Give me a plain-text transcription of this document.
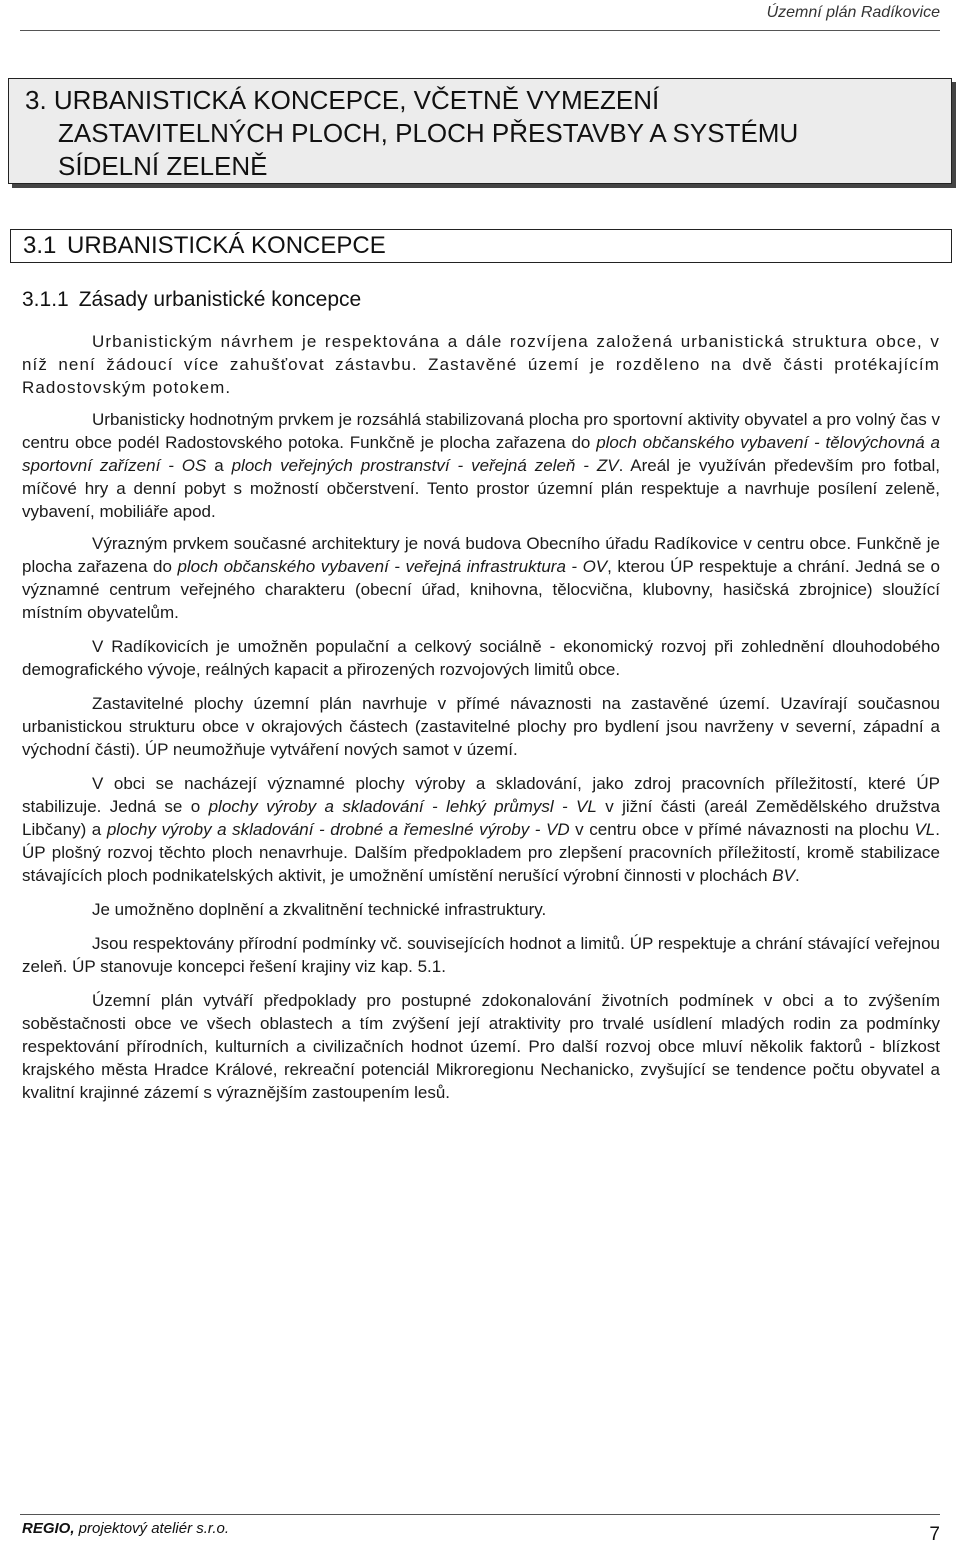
Územní plán Radíkovice
3. URBANISTICKÁ KONCEPCE, VČETNĚ VYMEZENÍ
ZASTAVITELNÝCH PLOCH, PLOCH PŘESTAVBY A SYSTÉMU
SÍDELNÍ ZELENĚ
3.1 URBANISTICKÁ KONCEPCE
3.1.1 Zásady urbanistické koncepce

Urbanistickým návrhem je respektována a dále rozvíjena založená urbanistická struktura obce, v níž není žádoucí více zahušťovat zástavbu. Zastavěné území je rozděleno na dvě části protékajícím Radostovským potokem.

Urbanisticky hodnotným prvkem je rozsáhlá stabilizovaná plocha pro sportovní aktivity obyvatel a pro volný čas v centru obce podél Radostovského potoka. Funkčně je plocha zařazena do ploch občanského vybavení - tělovýchovná a sportovní zařízení - OS a ploch veřejných prostranství - veřejná zeleň - ZV. Areál je využíván především pro fotbal, míčové hry a denní pobyt s možností občerstvení. Tento prostor územní plán respektuje a navrhuje posílení zeleně, vybavení, mobiliáře apod.

Výrazným prvkem současné architektury je nová budova Obecního úřadu Radíkovice v centru obce. Funkčně je plocha zařazena do ploch občanského vybavení - veřejná infrastruktura - OV, kterou ÚP respektuje a chrání. Jedná se o významné centrum veřejného charakteru (obecní úřad, knihovna, tělocvična, klubovny, hasičská zbrojnice) sloužící místním obyvatelům.

V Radíkovicích je umožněn populační a celkový sociálně - ekonomický rozvoj při zohlednění dlouhodobého demografického vývoje, reálných kapacit a přirozených rozvojových limitů obce.

Zastavitelné plochy územní plán navrhuje v přímé návaznosti na zastavěné území. Uzavírají současnou urbanistickou strukturu obce v okrajových částech (zastavitelné plochy pro bydlení jsou navrženy v severní, západní a východní části). ÚP neumožňuje vytváření nových samot v území.

V obci se nacházejí významné plochy výroby a skladování, jako zdroj pracovních příležitostí, které ÚP stabilizuje. Jedná se o plochy výroby a skladování - lehký průmysl - VL v jižní části (areál Zemědělského družstva Libčany) a plochy výroby a skladování - drobné a řemeslné výroby - VD v centru obce v přímé návaznosti na plochu VL. ÚP plošný rozvoj těchto ploch nenavrhuje. Dalším předpokladem pro zlepšení pracovních příležitostí, kromě stabilizace stávajících ploch podnikatelských aktivit, je umožnění umístění nerušící výrobní činnosti v plochách BV.

Je umožněno doplnění a zkvalitnění technické infrastruktury.

Jsou respektovány přírodní podmínky vč. souvisejících hodnot a limitů. ÚP respektuje a chrání stávající veřejnou zeleň. ÚP stanovuje koncepci řešení krajiny viz kap. 5.1.

Územní plán vytváří předpoklady pro postupné zdokonalování životních podmínek v obci a to zvýšením soběstačnosti obce ve všech oblastech a tím zvýšení její atraktivity pro trvalé usídlení mladých rodin za podmínky respektování přírodních, kulturních a civilizačních hodnot území. Pro další rozvoj obce mluví několik faktorů - blízkost krajského města Hradce Králové, rekreační potenciál Mikroregionu Nechanicko, zvyšující se tendence počtu obyvatel a kvalitní krajinné zázemí s výraznějším zastoupením lesů.

REGIO, projektový ateliér s.r.o.	7
